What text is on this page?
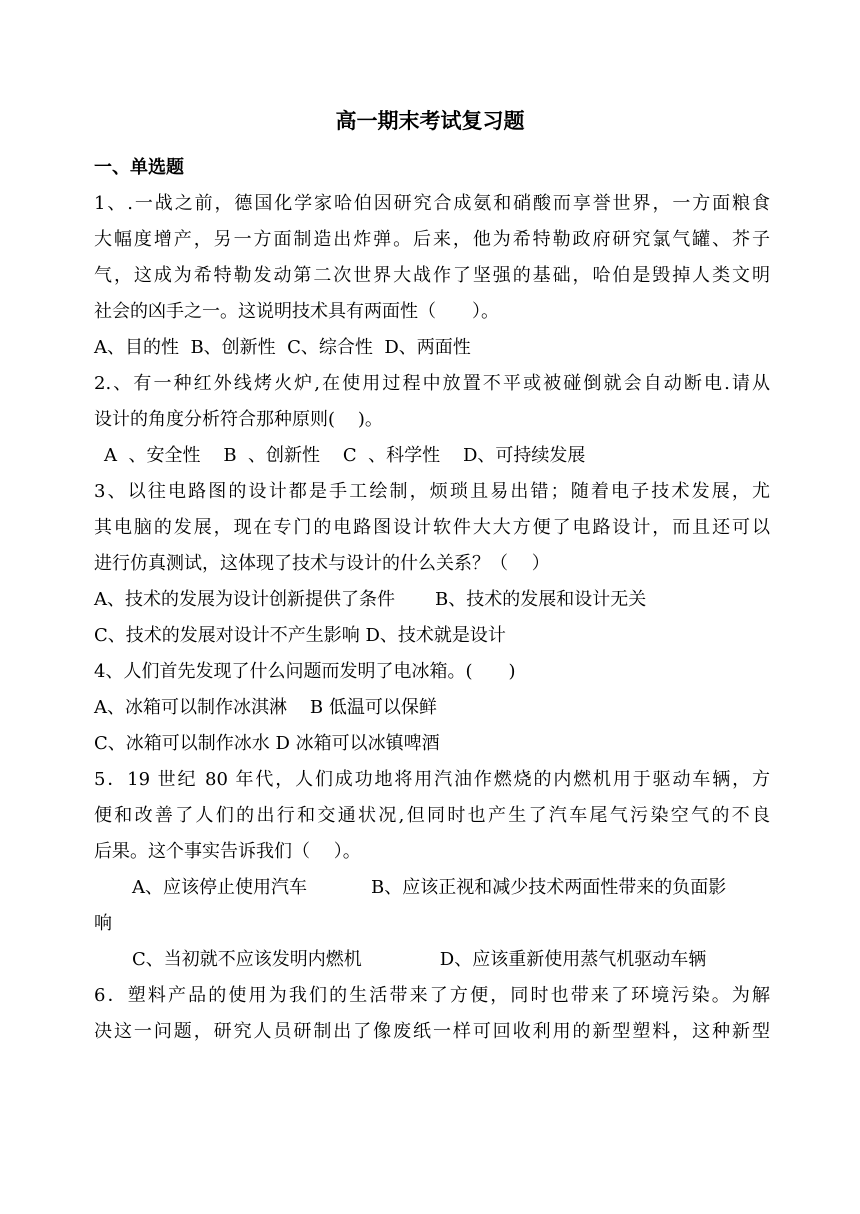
高一期末考试复习题

一、单选题

1、.一战之前，德国化学家哈伯因研究合成氨和硝酸而享誉世界，一方面粮食

大幅度增产，另一方面制造出炸弹。后来，他为希特勒政府研究氯气罐、芥子

气，这成为希特勒发动第二次世界大战作了坚强的基础，哈伯是毁掉人类文明

社会的凶手之一。这说明技术具有两面性（　　）。

A、目的性  B、创新性  C、综合性  D、两面性

2.、有一种红外线烤火炉,在使用过程中放置不平或被碰倒就会自动断电.请从

设计的角度分析符合那种原则(    )。

A  、安全性    B  、创新性    C  、科学性    D、可持续发展

3、以往电路图的设计都是手工绘制，烦琐且易出错；随着电子技术发展，尤

其电脑的发展，现在专门的电路图设计软件大大方便了电路设计，而且还可以

进行仿真测试，这体现了技术与设计的什么关系？（　 ）

A、技术的发展为设计创新提供了条件 B、技术的发展和设计无关

C、技术的发展对设计不产生影响 D、技术就是设计

4、人们首先发现了什么问题而发明了电冰箱。(　　)

A、冰箱可以制作冰淇淋    B 低温可以保鲜

C、冰箱可以制作冰水 D 冰箱可以冰镇啤酒

5．19 世纪 80 年代，人们成功地将用汽油作燃烧的内燃机用于驱动车辆，方

便和改善了人们的出行和交通状况,但同时也产生了汽车尾气污染空气的不良

后果。这个事实告诉我们（　 ）。

A、应该停止使用汽车	B、应该正视和减少技术两面性带来的负面影

响

C、当初就不应该发明内燃机	D、应该重新使用蒸气机驱动车辆

6．塑料产品的使用为我们的生活带来了方便，同时也带来了环境污染。为解

决这一问题，研究人员研制出了像废纸一样可回收利用的新型塑料，这种新型
